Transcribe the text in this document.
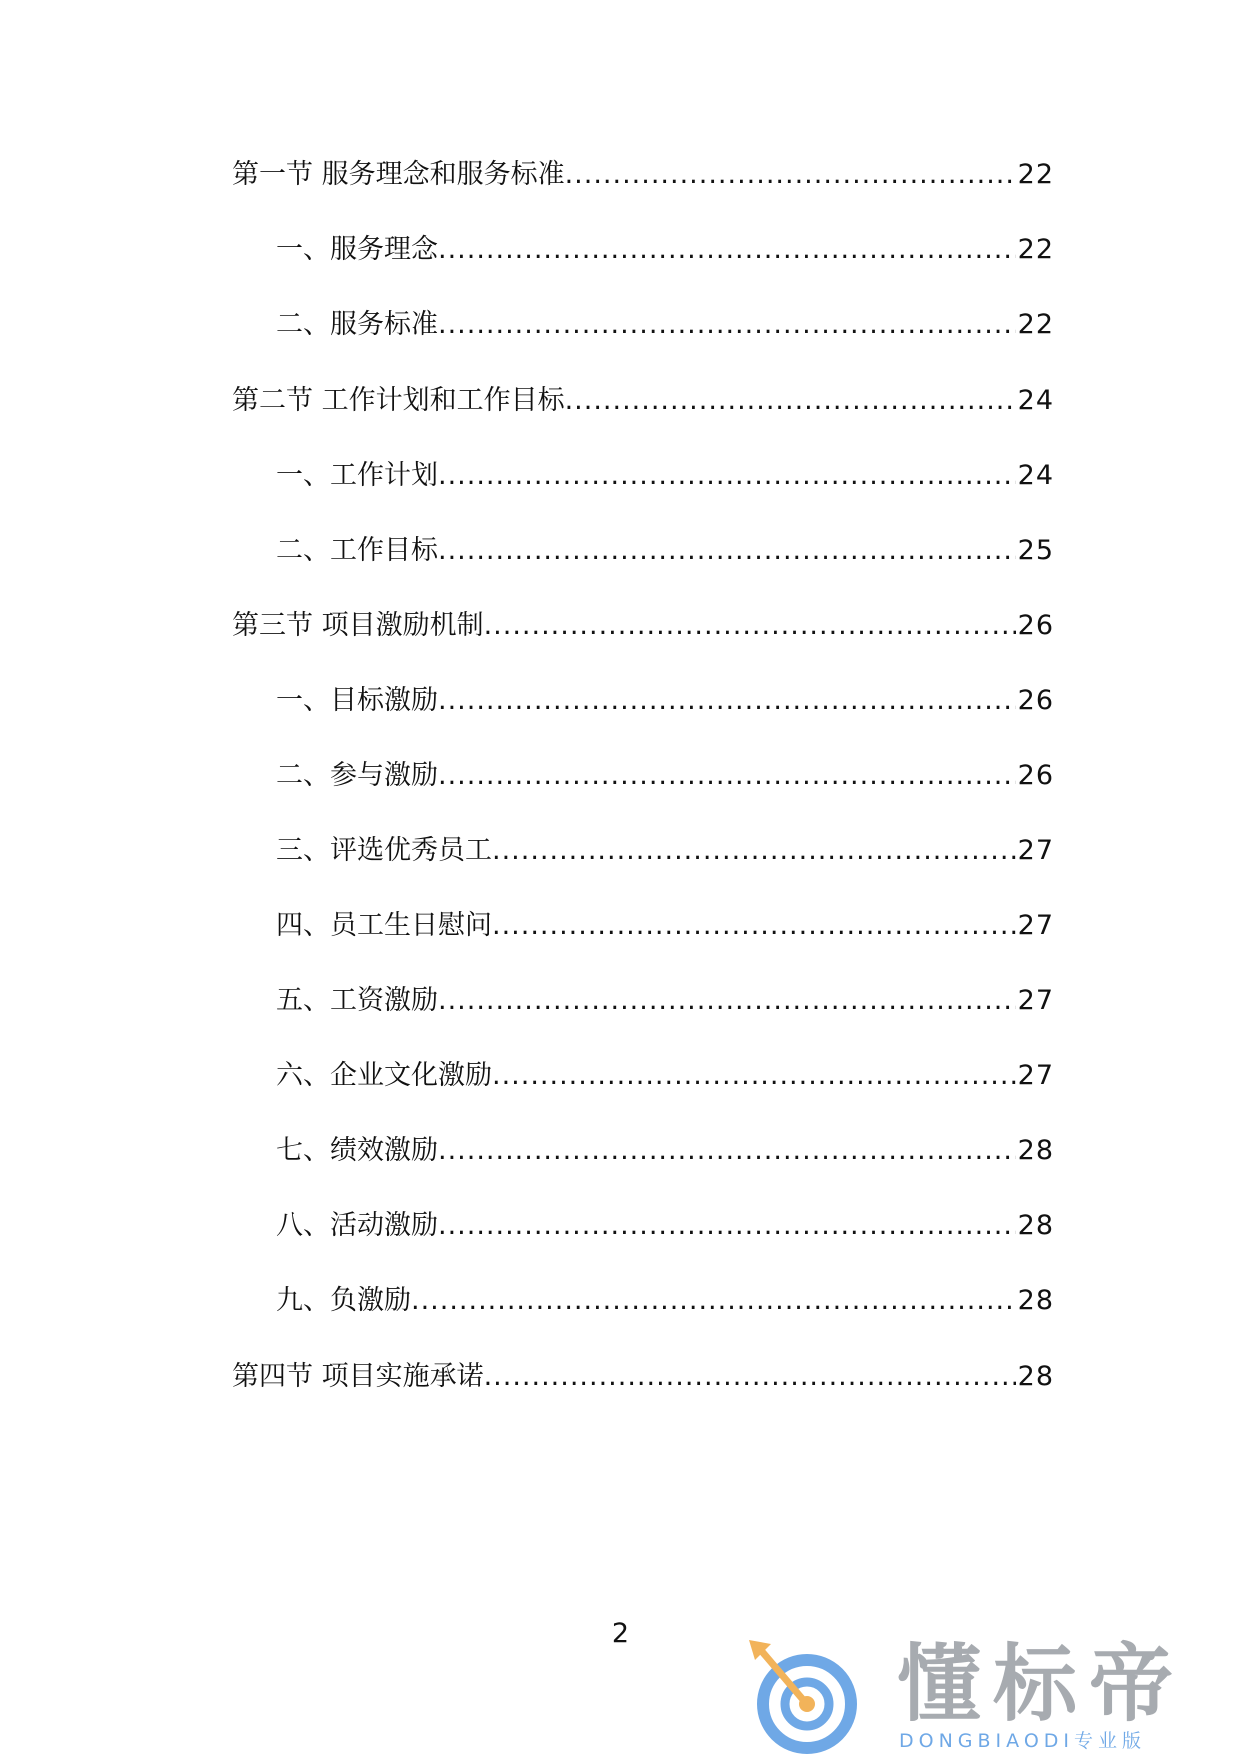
第一节 服务理念和服务标准 .....	22
一、服务理念 .....	22
二、服务标准 .....	22
第二节 工作计划和工作目标 .....	24
一、工作计划 .....	24
二、工作目标 .....	25
第三节 项目激励机制 .....	26
一、目标激励 .....	26
二、参与激励 .....	26
三、评选优秀员工 .....	27
四、员工生日慰问 .....	27
五、工资激励 .....	27
六、企业文化激励 .....	27
七、绩效激励 .....	28
八、活动激励 .....	28
九、负激励 .....	28
第四节 项目实施承诺 .....	28
2
懂标帝
DONGBIAODI专业版
